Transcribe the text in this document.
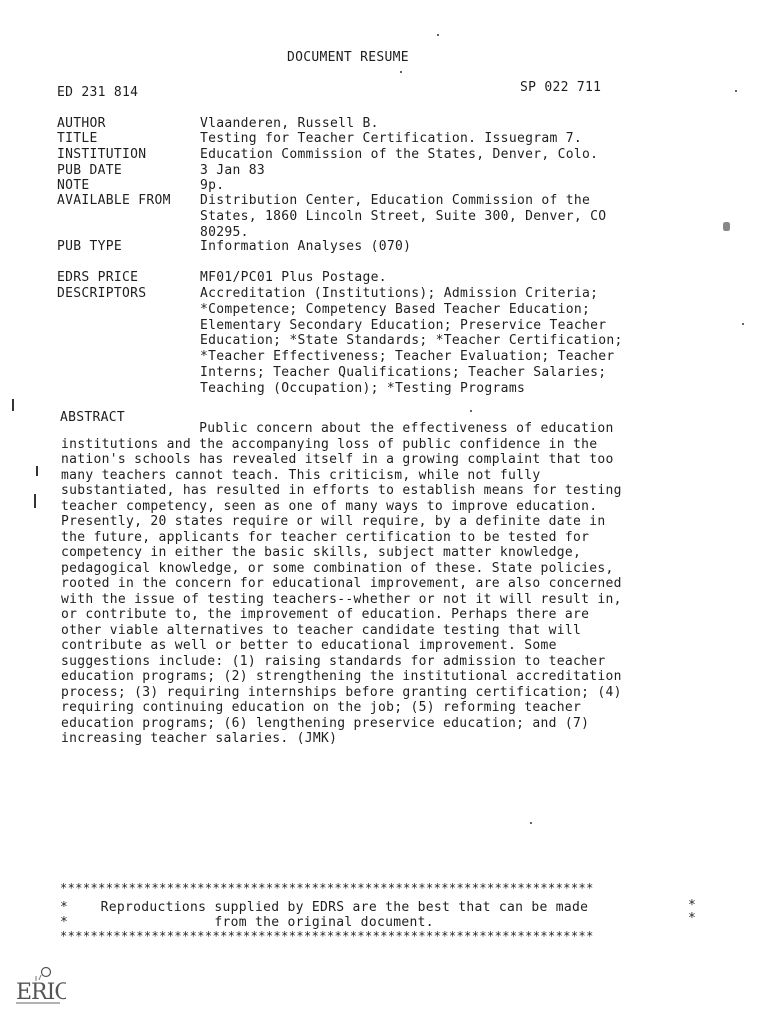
DOCUMENT RESUME
ED 231 814	SP 022 711
AUTHOR	Vlaanderen, Russell B.
TITLE	Testing for Teacher Certification. Issuegram 7.
INSTITUTION	Education Commission of the States, Denver, Colo.
PUB DATE	3 Jan 83
NOTE	9p.
AVAILABLE FROM Distribution Center, Education Commission of the
States, 1860 Lincoln Street, Suite 300, Denver, CO
80295.
PUB TYPE	Information Analyses (070)
EDRS PRICE	MF01/PC01 Plus Postage.
DESCRIPTORS	Accreditation (Institutions); Admission Criteria;
*Competence; Competency Based Teacher Education;
Elementary Secondary Education; Preservice Teacher
Education; *State Standards; *Teacher Certification;
*Teacher Effectiveness; Teacher Evaluation; Teacher
Interns; Teacher Qualifications; Teacher Salaries;
Teaching (Occupation); *Testing Programs
ABSTRACT
Public concern about the effectiveness of education
institutions and the accompanying loss of public confidence in the
nation's schools has revealed itself in a growing complaint that too
many teachers cannot teach. This criticism, while not fully
substantiated, has resulted in efforts to establish means for testing
teacher competency, seen as one of many ways to improve education.
Presently, 20 states require or will require, by a definite date in
the future, applicants for teacher certification to be tested for
competency in either the basic skills, subject matter knowledge,
pedagogical knowledge, or some combination of these. State policies,
rooted in the concern for educational improvement, are also concerned
with the issue of testing teachers--whether or not it will result in,
or contribute to, the improvement of education. Perhaps there are
other viable alternatives to teacher candidate testing that will
contribute as well or better to educational improvement. Some
suggestions include: (1) raising standards for admission to teacher
education programs; (2) strengthening the institutional accreditation
process; (3) requiring internships before granting certification; (4)
requiring continuing education on the job; (5) reforming teacher
education programs; (6) lengthening preservice education; and (7)
increasing teacher salaries. (JMK)
**********************************************************************
*    Reproductions supplied by EDRS are the best that can be made	*
*                  from the original document.	*
**********************************************************************
ERIC
